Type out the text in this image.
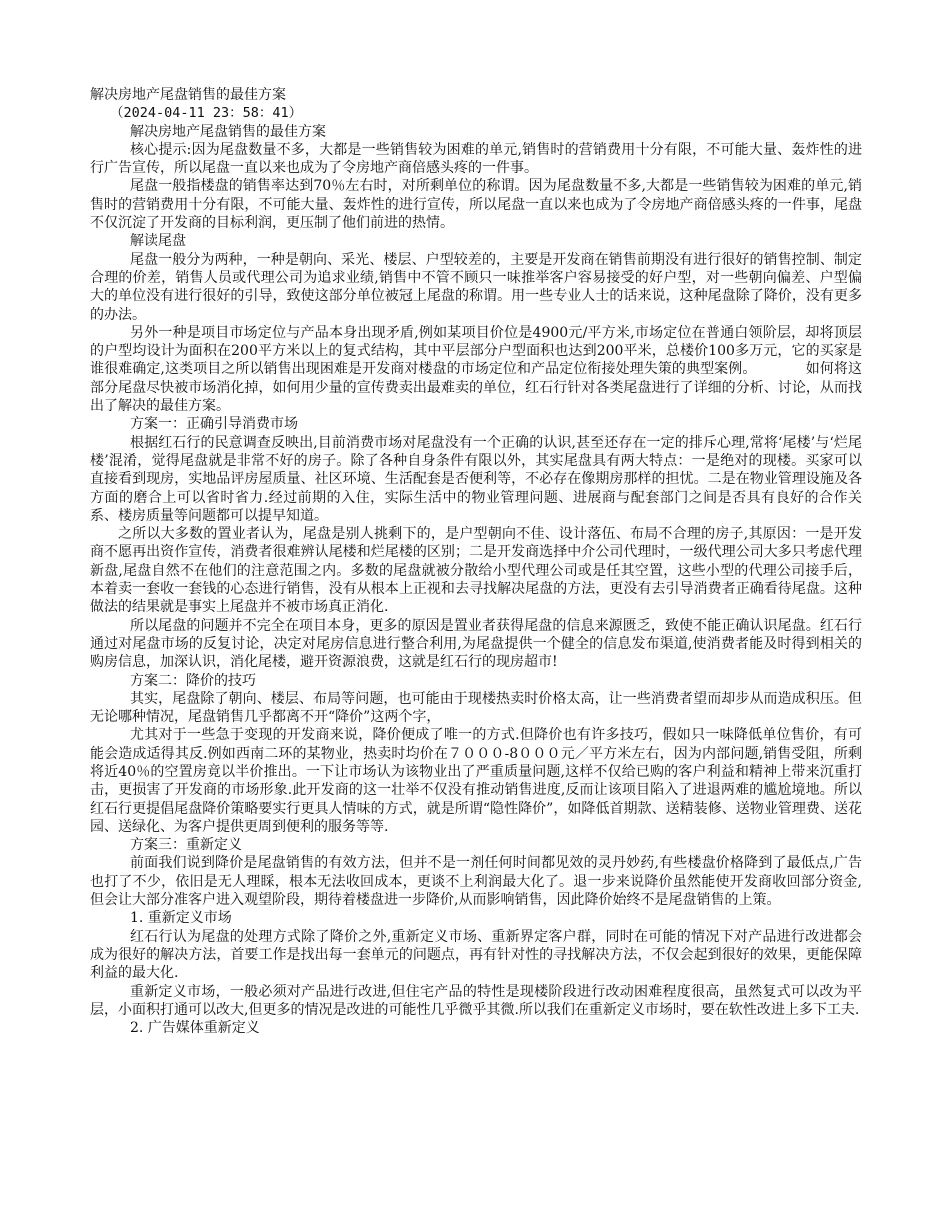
解决房地产尾盘销售的最佳方案

（2024-04-11 23：58：41）

解决房地产尾盘销售的最佳方案

核心提示:因为尾盘数量不多，大都是一些销售较为困难的单元,销售时的营销费用十分有限，不可能大量、轰炸性的进行广告宣传，所以尾盘一直以来也成为了令房地产商倍感头疼的一件事。

尾盘一般指楼盘的销售率达到70％左右时，对所剩单位的称谓。因为尾盘数量不多,大都是一些销售较为困难的单元,销售时的营销费用十分有限，不可能大量、轰炸性的进行宣传，所以尾盘一直以来也成为了令房地产商倍感头疼的一件事，尾盘不仅沉淀了开发商的目标利润，更压制了他们前进的热情。

解读尾盘

尾盘一般分为两种，一种是朝向、采光、楼层、户型较差的，主要是开发商在销售前期没有进行很好的销售控制、制定合理的价差，销售人员或代理公司为追求业绩,销售中不管不顾只一味推举客户容易接受的好户型，对一些朝向偏差、户型偏大的单位没有进行很好的引导，致使这部分单位被冠上尾盘的称谓。用一些专业人士的话来说，这种尾盘除了降价，没有更多的办法。

另外一种是项目市场定位与产品本身出现矛盾,例如某项目价位是4900元/平方米,市场定位在普通白领阶层，却将顶层的户型均设计为面积在200平方米以上的复式结构，其中平层部分户型面积也达到200平米，总楼价100多万元，它的买家是谁很难确定,这类项目之所以销售出现困难是开发商对楼盘的市场定位和产品定位衔接处理失策的典型案例。　　　　如何将这部分尾盘尽快被市场消化掉，如何用少量的宣传费卖出最难卖的单位，红石行针对各类尾盘进行了详细的分析、讨论，从而找出了解决的最佳方案。

方案一：正确引导消费市场

根据红石行的民意调查反映出,目前消费市场对尾盘没有一个正确的认识,甚至还存在一定的排斥心理,常将‘尾楼’与‘烂尾楼’混淆，觉得尾盘就是非常不好的房子。除了各种自身条件有限以外，其实尾盘具有两大特点：一是绝对的现楼。买家可以直接看到现房，实地品评房屋质量、社区环境、生活配套是否便利等，不必存在像期房那样的担忧。二是在物业管理设施及各方面的磨合上可以省时省力.经过前期的入住，实际生活中的物业管理问题、进展商与配套部门之间是否具有良好的合作关系、楼房质量等问题都可以提早知道。

之所以大多数的置业者认为，尾盘是别人挑剩下的，是户型朝向不佳、设计落伍、布局不合理的房子,其原因：一是开发商不愿再出资作宣传，消费者很难辨认尾楼和烂尾楼的区别；二是开发商选择中介公司代理时，一级代理公司大多只考虑代理新盘,尾盘自然不在他们的注意范围之内。多数的尾盘就被分散给小型代理公司或是任其空置，这些小型的代理公司接手后，本着卖一套收一套钱的心态进行销售，没有从根本上正视和去寻找解决尾盘的方法，更没有去引导消费者正确看待尾盘。这种做法的结果就是事实上尾盘并不被市场真正消化.

所以尾盘的问题并不完全在项目本身，更多的原因是置业者获得尾盘的信息来源匮乏，致使不能正确认识尾盘。红石行通过对尾盘市场的反复讨论，决定对尾房信息进行整合利用,为尾盘提供一个健全的信息发布渠道,使消费者能及时得到相关的购房信息，加深认识，消化尾楼，避开资源浪费，这就是红石行的现房超市!

方案二：降价的技巧

其实，尾盘除了朝向、楼层、布局等问题，也可能由于现楼热卖时价格太高，让一些消费者望而却步从而造成积压。但无论哪种情况，尾盘销售几乎都离不开“降价”这两个字，

尤其对于一些急于变现的开发商来说，降价便成了唯一的方式.但降价也有许多技巧，假如只一味降低单位售价，有可能会造成适得其反.例如西南二环的某物业，热卖时均价在７０００-8０００元／平方米左右，因为内部问题,销售受阻，所剩将近40％的空置房竟以半价推出。一下让市场认为该物业出了严重质量问题,这样不仅给已购的客户利益和精神上带来沉重打击，更损害了开发商的市场形象.此开发商的这一壮举不仅没有推动销售进度,反而让该项目陷入了进退两难的尴尬境地。所以红石行更提倡尾盘降价策略要实行更具人情味的方式，就是所谓“隐性降价”，如降低首期款、送精装修、送物业管理费、送花园、送绿化、为客户提供更周到便利的服务等等.

方案三：重新定义

前面我们说到降价是尾盘销售的有效方法，但并不是一剂任何时间都见效的灵丹妙药,有些楼盘价格降到了最低点,广告也打了不少，依旧是无人理睬，根本无法收回成本，更谈不上利润最大化了。退一步来说降价虽然能使开发商收回部分资金,但会让大部分准客户进入观望阶段，期待着楼盘进一步降价,从而影响销售，因此降价始终不是尾盘销售的上策。

1. 重新定义市场

红石行认为尾盘的处理方式除了降价之外,重新定义市场、重新界定客户群，同时在可能的情况下对产品进行改进都会成为很好的解决方法，首要工作是找出每一套单元的问题点，再有针对性的寻找解决方法，不仅会起到很好的效果，更能保障利益的最大化.

重新定义市场，一般必须对产品进行改进,但住宅产品的特性是现楼阶段进行改动困难程度很高，虽然复式可以改为平层，小面积打通可以改大,但更多的情况是改进的可能性几乎微乎其微.所以我们在重新定义市场时，要在软性改进上多下工夫.

2. 广告媒体重新定义
